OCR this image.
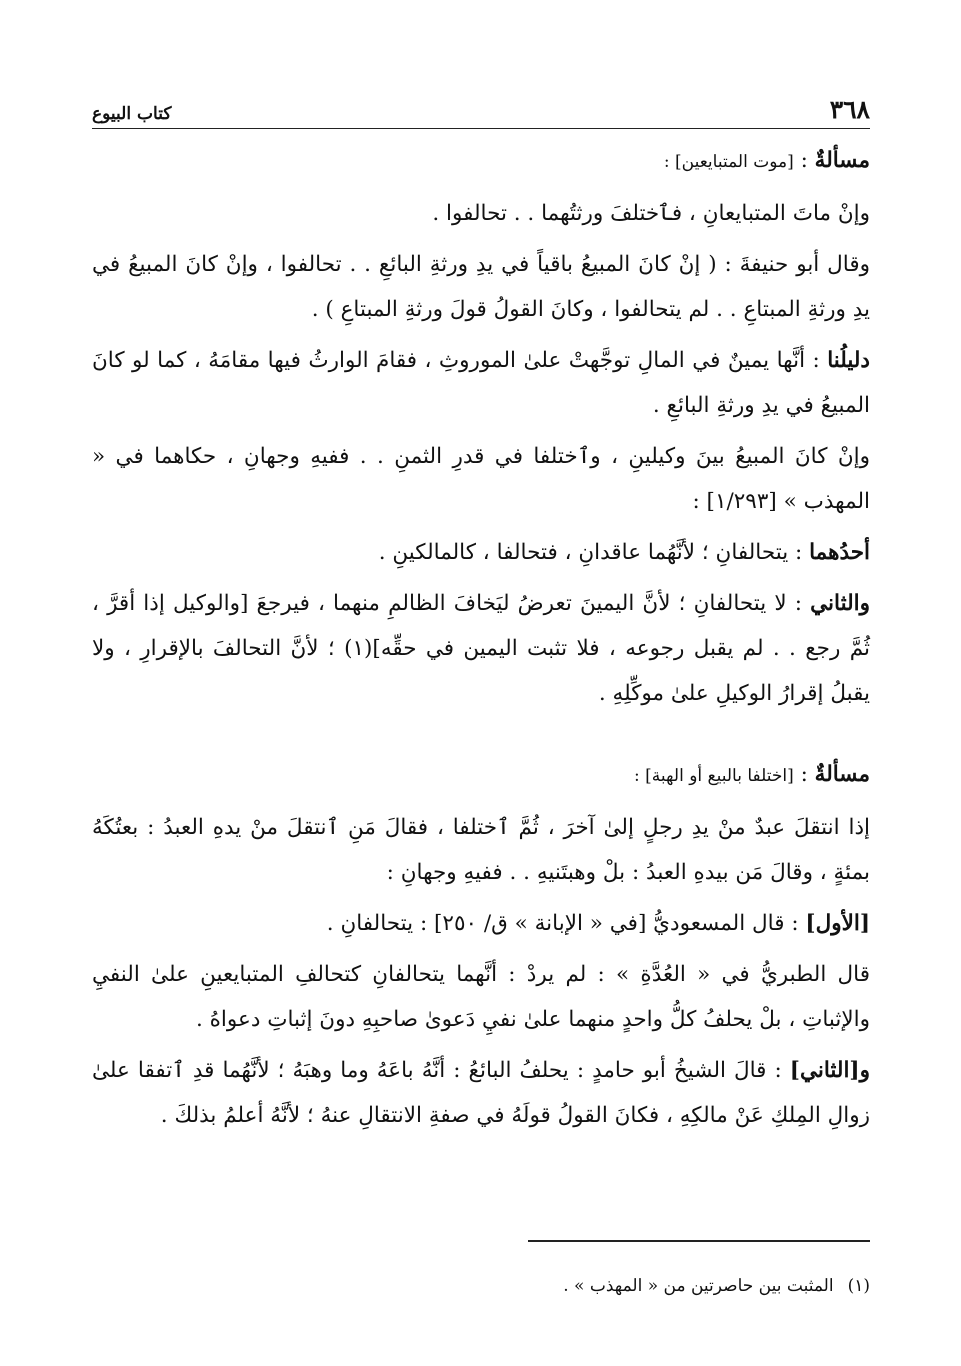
٣٦٨
كتاب البيوع

مسألةٌ : [موت المتبايعين] :

وإنْ ماتَ المتبايعانِ ، فٱختلفَ ورثتُهما . . تحالفوا .

وقال أبو حنيفةَ : ( إنْ كانَ المبيعُ باقياً في يدِ ورثةِ البائعِ . . تحالفوا ، وإنْ كانَ المبيعُ في يدِ ورثةِ المبتاعِ . . لم يتحالفوا ، وكانَ القولُ قولَ ورثةِ المبتاعِ ) .

دليلُنا : أنَّها يمينٌ في المالِ توجَّهتْ علىٰ الموروثِ ، فقامَ الوارثُ فيها مقامَهُ ، كما لو كانَ المبيعُ في يدِ ورثةِ البائعِ .

وإنْ كانَ المبيعُ بينَ وكيلينِ ، وٱختلفا في قدرِ الثمنِ . . ففيهِ وجهانِ ، حكاهما في « المهذب » [١/٢٩٣] :

أحدُهما : يتحالفانِ ؛ لأنَّهُما عاقدانِ ، فتحالفا ، كالمالكينِ .

والثاني : لا يتحالفانِ ؛ لأنَّ اليمينَ تعرضُ ليَخافَ الظالمِ منهما ، فيرجعَ [والوكيل إذا أقرَّ ، ثُمَّ رجع . . لم يقبل رجوعه ، فلا تثبت اليمين في حقِّه](١) ؛ لأنَّ التحالفَ بالإقرارِ ، ولا يقبلُ إقرارُ الوكيلِ علىٰ موكِّلِهِ .

مسألةٌ : [اختلفا بالبيع أو الهبة] :

إذا انتقلَ عبدٌ منْ يدِ رجلٍ إلىٰ آخرَ ، ثُمَّ ٱختلفا ، فقالَ مَنِ ٱنتقلَ منْ يدهِ العبدُ : بعتُكَهُ بمئةٍ ، وقالَ مَن بيدهِ العبدُ : بلْ وهبتَنيهِ . . ففيهِ وجهانِ :

[الأول] : قال المسعوديُّ [في « الإبانة » ق/ ٢٥٠] : يتحالفانِ .

قال الطبريُّ في « العُدَّةِ » : لم يردْ : أنَّهما يتحالفانِ كتحالفِ المتبايعينِ علىٰ النفيِ والإثباتِ ، بلْ يحلفُ كلُّ واحدٍ منهما علىٰ نفيِ دَعوىٰ صاحبِهِ دونَ إثباتِ دعواهُ .

و[الثاني] : قالَ الشيخُ أبو حامدٍ : يحلفُ البائعُ : أنَّهُ باعَهُ وما وهبَهُ ؛ لأنَّهُما قدِ ٱتفقا علىٰ زوالِ المِلكِ عَنْ مالكِهِ ، فكانَ القولُ قولَهُ في صفةِ الانتقالِ عنهُ ؛ لأنَّهُ أعلمُ بذلكَ .

(١)المثبت بين حاصرتين من « المهذب » .
